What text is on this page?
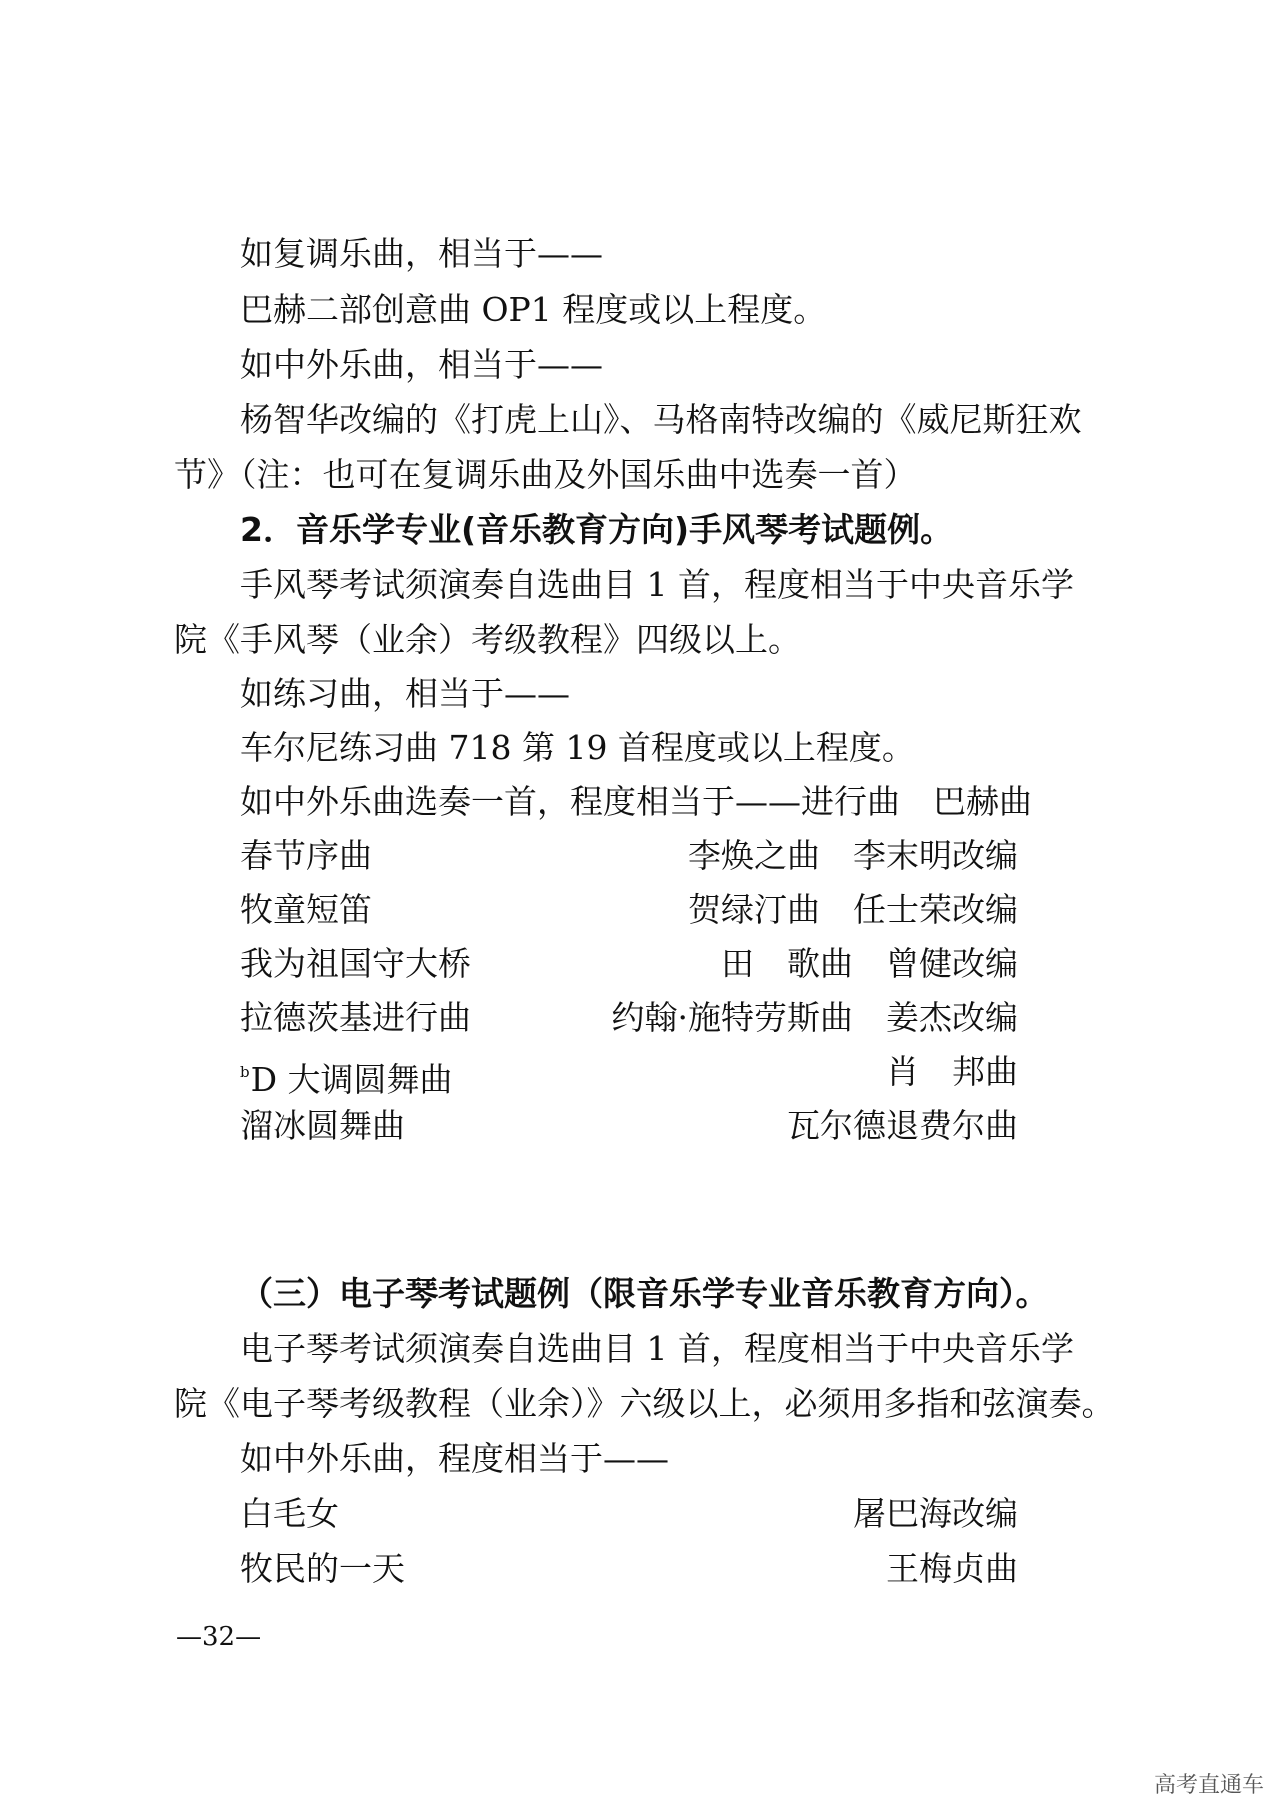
如复调乐曲，相当于——
巴赫二部创意曲 OP1 程度或以上程度。
如中外乐曲，相当于——
杨智华改编的《打虎上山》、马格南特改编的《威尼斯狂欢
节》（注：也可在复调乐曲及外国乐曲中选奏一首）
2．音乐学专业(音乐教育方向)手风琴考试题例。
手风琴考试须演奏自选曲目 1 首，程度相当于中央音乐学
院《手风琴（业余）考级教程》四级以上。
如练习曲，相当于——
车尔尼练习曲 718 第 19 首程度或以上程度。
如中外乐曲选奏一首，程度相当于——进行曲　巴赫曲
春节序曲	李焕之曲　李末明改编
牧童短笛	贺绿汀曲　任士荣改编
我为祖国守大桥	田　歌曲　曾健改编
拉德茨基进行曲	约翰·施特劳斯曲　姜杰改编
$^b$D 大调圆舞曲	肖　邦曲
溜冰圆舞曲	瓦尔德退费尔曲
（三）电子琴考试题例（限音乐学专业音乐教育方向）。
电子琴考试须演奏自选曲目 1 首，程度相当于中央音乐学
院《电子琴考级教程（业余）》六级以上，必须用多指和弦演奏。
如中外乐曲，程度相当于——
白毛女	屠巴海改编
牧民的一天	王梅贞曲
—32—
高考直通车
